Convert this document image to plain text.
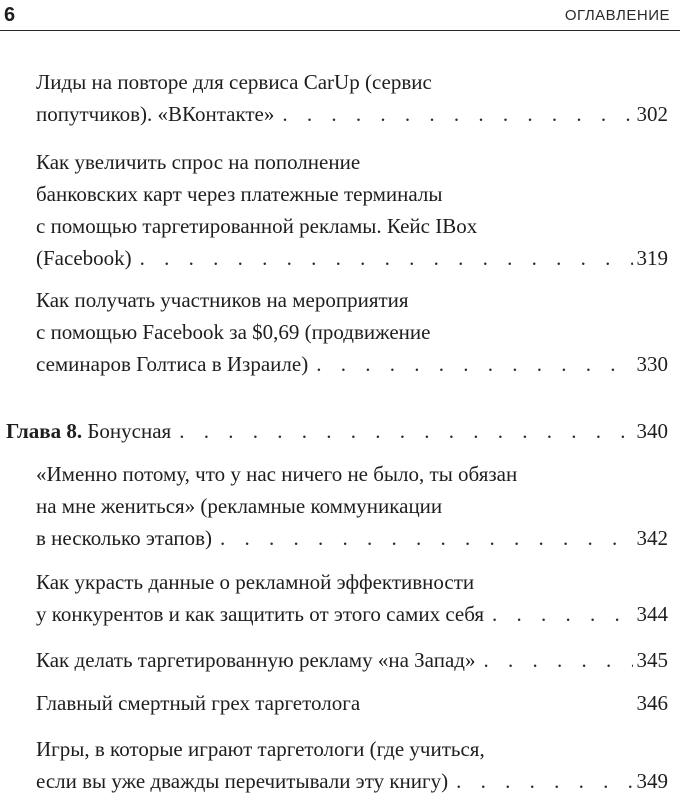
6	ОГЛАВЛЕНИЕ
Лиды на повторе для сервиса CarUp (сервис
попутчиков). «ВКонтакте» . . .	302
Как увеличить спрос на пополнение
банковских карт через платежные терминалы
с помощью таргетированной рекламы. Кейс IBox
(Facebook) . . .	319
Как получать участников на мероприятия
с помощью Facebook за $0,69 (продвижение
семинаров Голтиса в Израиле) . . .	330
Глава 8. Бонусная . . .	340
«Именно потому, что у нас ничего не было, ты обязан
на мне жениться» (рекламные коммуникации
в несколько этапов) . . .	342
Как украсть данные о рекламной эффективности
у конкурентов и как защитить от этого самих себя . . .	344
Как делать таргетированную рекламу «на Запад» . . .	345
Главный смертный грех таргетолога	346
Игры, в которые играют таргетологи (где учиться,
если вы уже дважды перечитывали эту книгу) . . .	349
